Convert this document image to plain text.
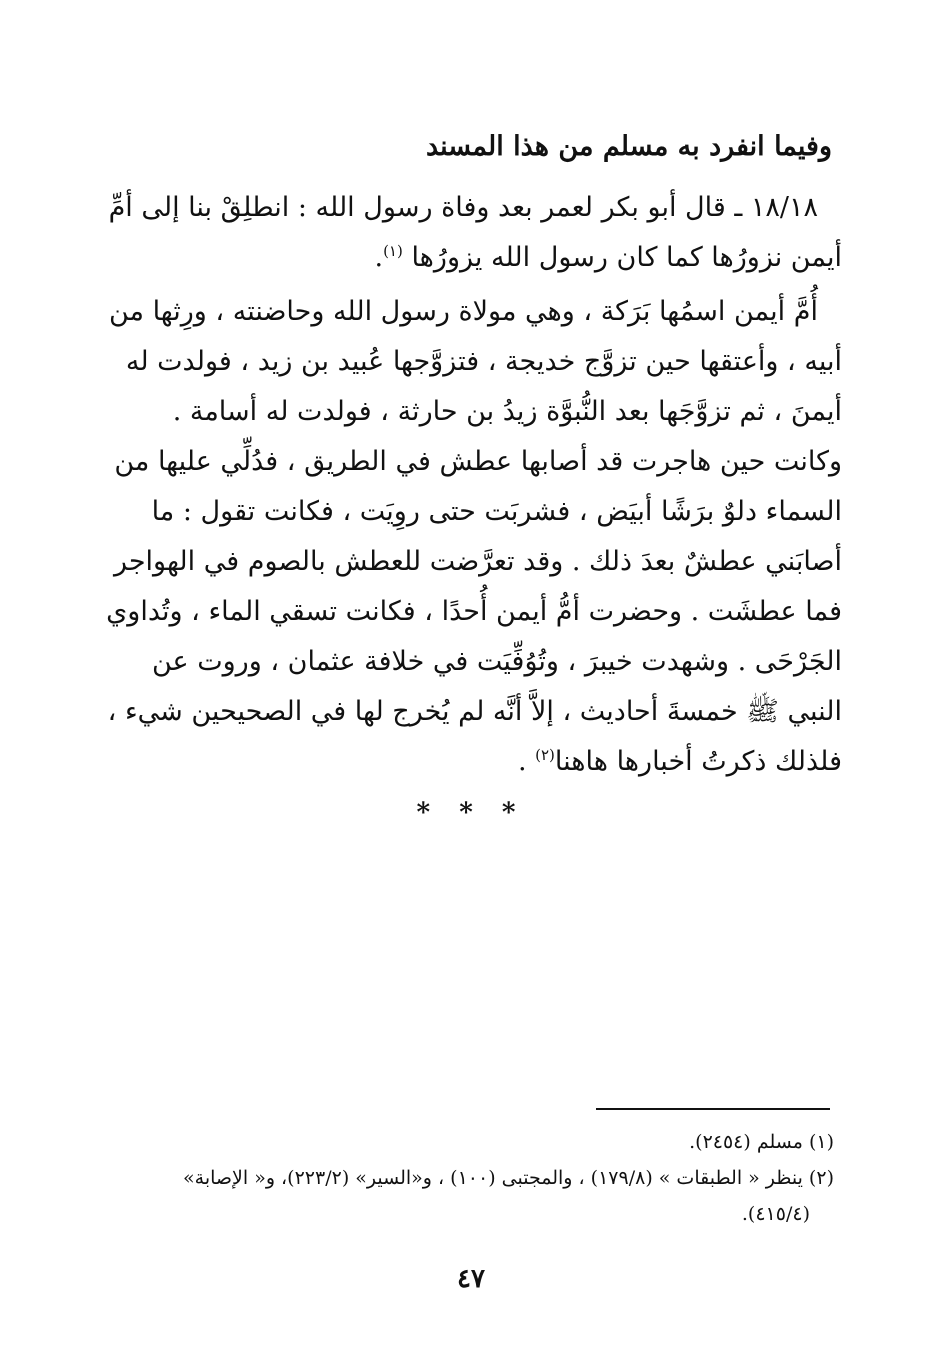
وفيما انفرد به مسلم من هذا المسند

١٨/١٨ ـ قال أبو بكر لعمر بعد وفاة رسول الله : انطلِقْ بنا إلى أمِّ
أيمن نزورُها كما كان رسول الله يزورُها $^{(١)}$.

أُمَّ أيمن اسمُها بَرَكة ، وهي مولاة رسول الله وحاضنته ، ورِثها من
أبيه ، وأعتقها حين تزوَّج خديجة ، فتزوَّجها عُبيد بن زيد ، فولدت له
أيمنَ ، ثم تزوَّجَها بعد النُّبوَّة زيدُ بن حارثة ، فولدت له أسامة .
وكانت حين هاجرت قد أصابها عطش في الطريق ، فدُلِّي عليها من
السماء دلوٌ برَشًا أبيَض ، فشربَت حتى روِيَت ، فكانت تقول : ما
أصابَني عطشٌ بعدَ ذلك . وقد تعرَّضت للعطش بالصوم في الهواجر
فما عطشَت . وحضرت أمُّ أيمن أُحدًا ، فكانت تسقي الماء ، وتُداوي
الجَرْحَى . وشهدت خيبرَ ، وتُوُفِّيَت في خلافة عثمان ، وروت عن
النبي ﷺ خمسةَ أحاديث ، إلاَّ أنَّه لم يُخرج لها في الصحيحين شيء ،
فلذلك ذكرتُ أخبارها هاهنا$^{(٢)}$ .

* * *
(١) مسلم (٢٤٥٤).
(٢) ينظر « الطبقات » (١٧٩/٨) ، والمجتبى (١٠٠) ، و«السير» (٢٢٣/٢)، و« الإصابة»
(٤١٥/٤).
٤٧
